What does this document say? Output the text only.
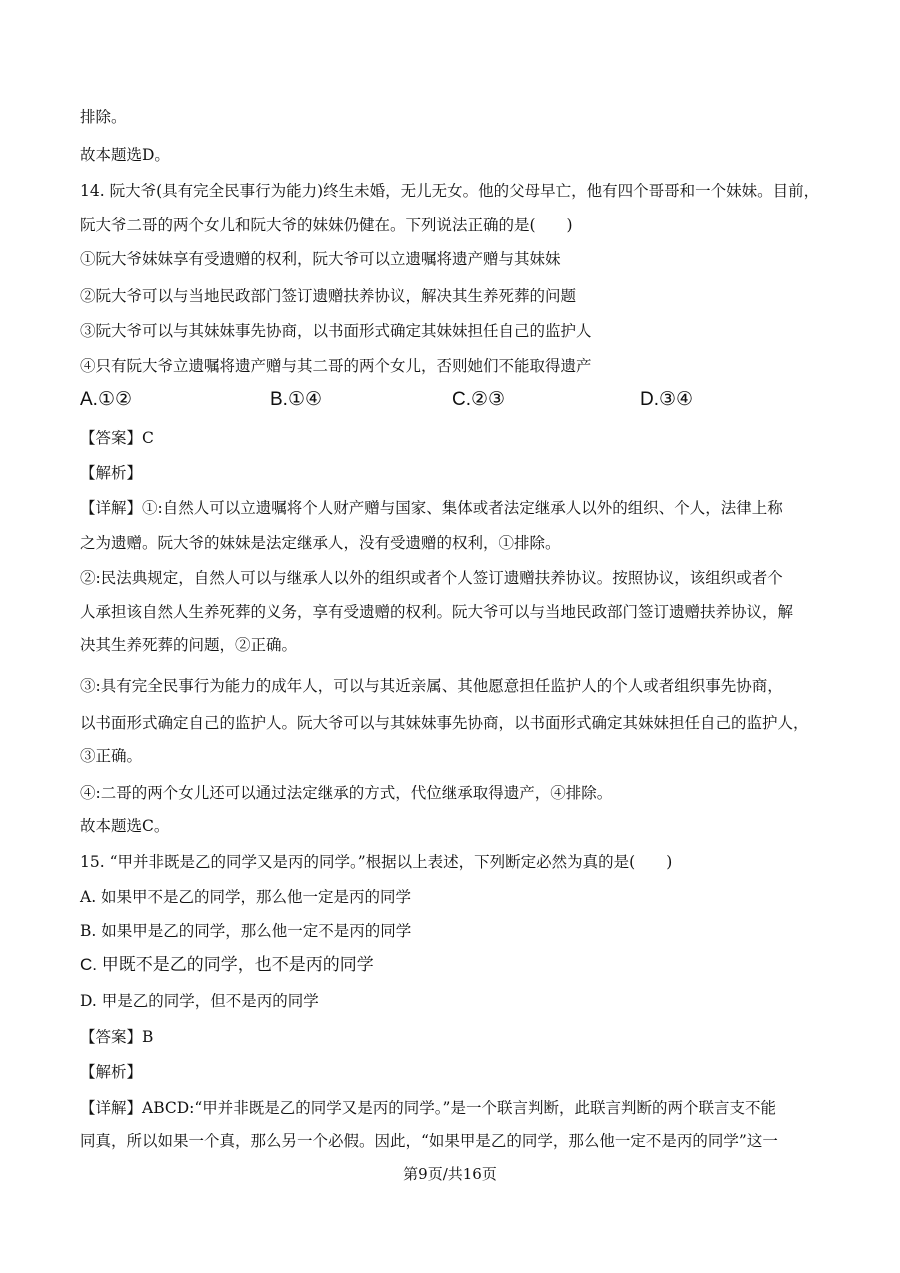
排除。
故本题选D。
14. 阮大爷(具有完全民事行为能力)终生未婚，无儿无女。他的父母早亡，他有四个哥哥和一个妹妹。目前，
阮大爷二哥的两个女儿和阮大爷的妹妹仍健在。下列说法正确的是(　　)
①阮大爷妹妹享有受遗赠的权利，阮大爷可以立遗嘱将遗产赠与其妹妹
②阮大爷可以与当地民政部门签订遗赠扶养协议，解决其生养死葬的问题
③阮大爷可以与其妹妹事先协商，以书面形式确定其妹妹担任自己的监护人
④只有阮大爷立遗嘱将遗产赠与其二哥的两个女儿，否则她们不能取得遗产
A.①②	B.①④	C.②③	D.③④
【答案】C
【解析】
【详解】①:自然人可以立遗嘱将个人财产赠与国家、集体或者法定继承人以外的组织、个人，法律上称
之为遗赠。阮大爷的妹妹是法定继承人，没有受遗赠的权利，①排除。
②:民法典规定，自然人可以与继承人以外的组织或者个人签订遗赠扶养协议。按照协议，该组织或者个
人承担该自然人生养死葬的义务，享有受遗赠的权利。阮大爷可以与当地民政部门签订遗赠扶养协议，解
决其生养死葬的问题，②正确。
③:具有完全民事行为能力的成年人，可以与其近亲属、其他愿意担任监护人的个人或者组织事先协商，
以书面形式确定自己的监护人。阮大爷可以与其妹妹事先协商，以书面形式确定其妹妹担任自己的监护人，
③正确。
④:二哥的两个女儿还可以通过法定继承的方式，代位继承取得遗产，④排除。
故本题选C。
15. “甲并非既是乙的同学又是丙的同学。”根据以上表述，下列断定必然为真的是(　　)
A. 如果甲不是乙的同学，那么他一定是丙的同学
B. 如果甲是乙的同学，那么他一定不是丙的同学
C. 甲既不是乙的同学，也不是丙的同学
D. 甲是乙的同学，但不是丙的同学
【答案】B
【解析】
【详解】ABCD:“甲并非既是乙的同学又是丙的同学。”是一个联言判断，此联言判断的两个联言支不能
同真，所以如果一个真，那么另一个必假。因此，“如果甲是乙的同学，那么他一定不是丙的同学”这一
第9页/共16页
